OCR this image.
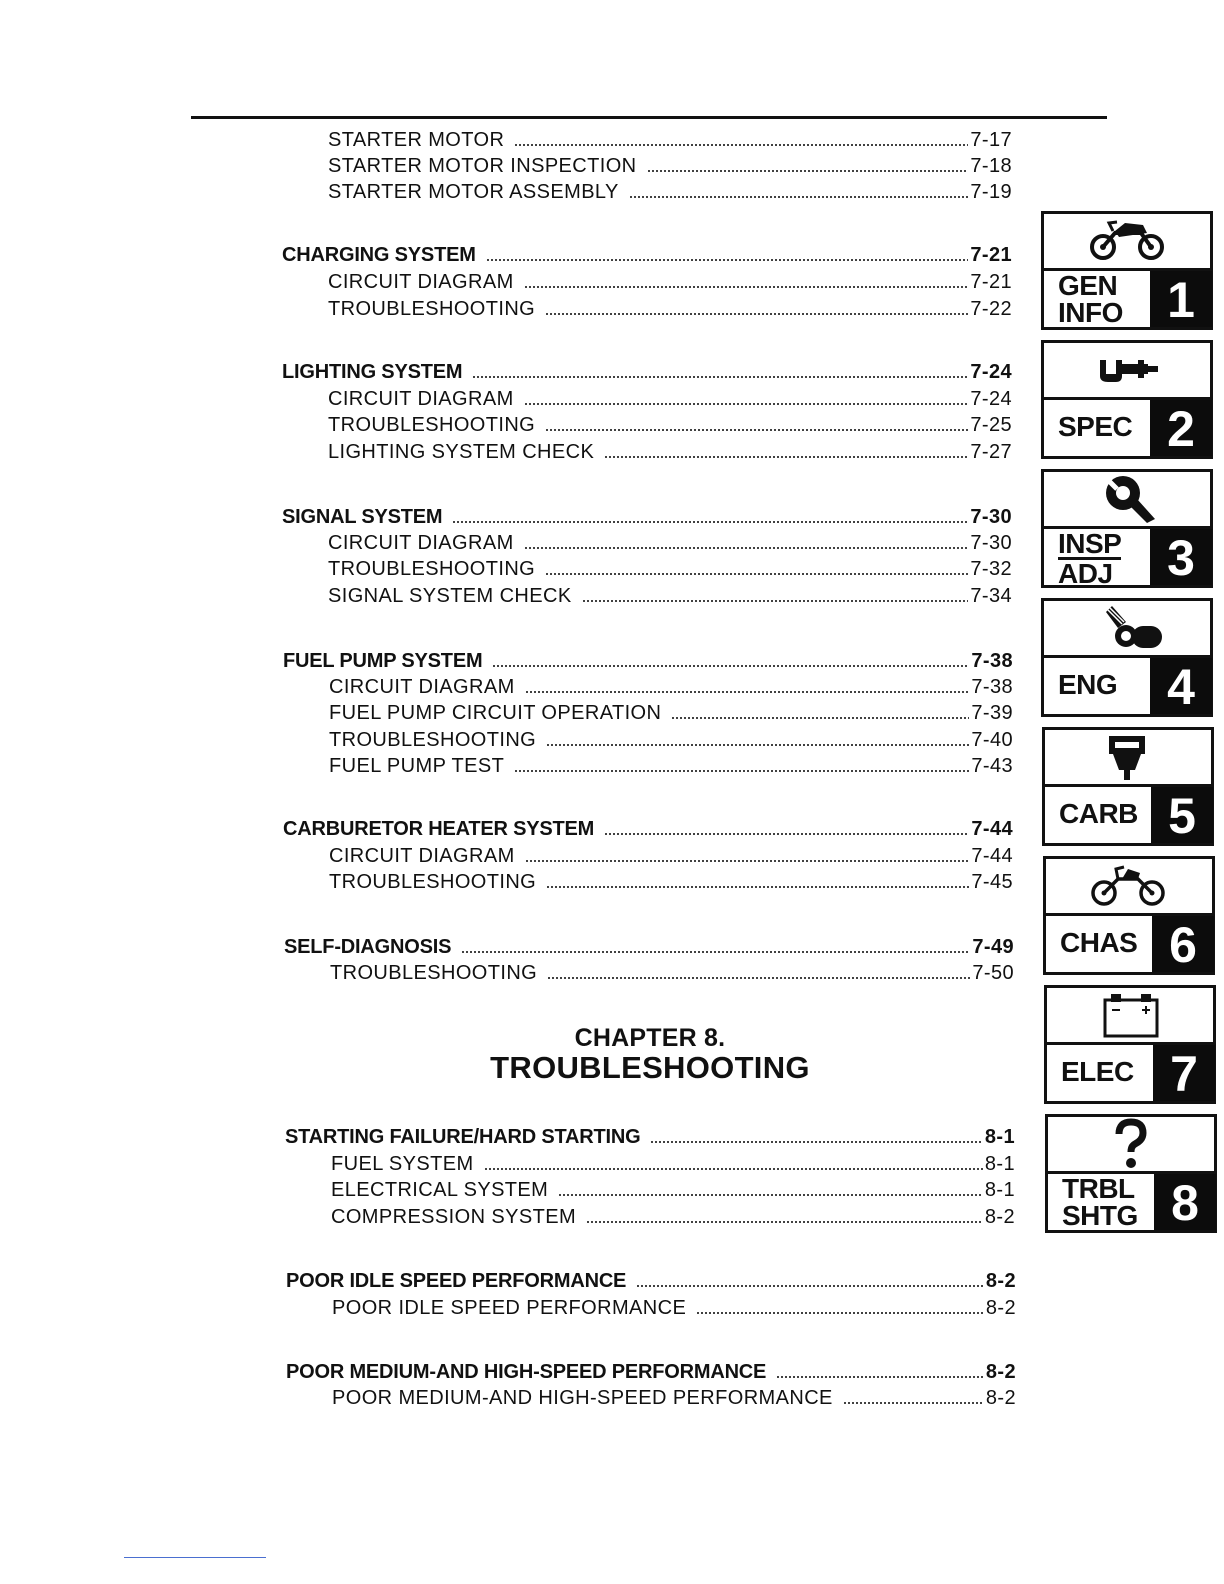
STARTER MOTOR	7-17
STARTER MOTOR INSPECTION	7-18
STARTER MOTOR ASSEMBLY	7-19
CHARGING SYSTEM	7-21
CIRCUIT DIAGRAM	7-21
TROUBLESHOOTING	7-22
LIGHTING SYSTEM	7-24
CIRCUIT DIAGRAM	7-24
TROUBLESHOOTING	7-25
LIGHTING SYSTEM CHECK	7-27
SIGNAL SYSTEM	7-30
CIRCUIT DIAGRAM	7-30
TROUBLESHOOTING	7-32
SIGNAL SYSTEM CHECK	7-34
FUEL PUMP SYSTEM	7-38
CIRCUIT DIAGRAM	7-38
FUEL PUMP CIRCUIT OPERATION	7-39
TROUBLESHOOTING	7-40
FUEL PUMP TEST	7-43
CARBURETOR HEATER SYSTEM	7-44
CIRCUIT DIAGRAM	7-44
TROUBLESHOOTING	7-45
SELF-DIAGNOSIS	7-49
TROUBLESHOOTING	7-50
CHAPTER 8.
TROUBLESHOOTING
STARTING FAILURE/HARD STARTING	8-1
FUEL SYSTEM	8-1
ELECTRICAL SYSTEM	8-1
COMPRESSION SYSTEM	8-2
POOR IDLE SPEED PERFORMANCE	8-2
POOR IDLE SPEED PERFORMANCE	8-2
POOR MEDIUM-AND HIGH-SPEED PERFORMANCE	8-2
POOR MEDIUM-AND HIGH-SPEED PERFORMANCE	8-2
GEN
INFO 1
SPEC 2
INSP
ADJ	3
ENG 4
CARB 5
CHAS 6
ELEC 7
TRBL
SHTG 8
